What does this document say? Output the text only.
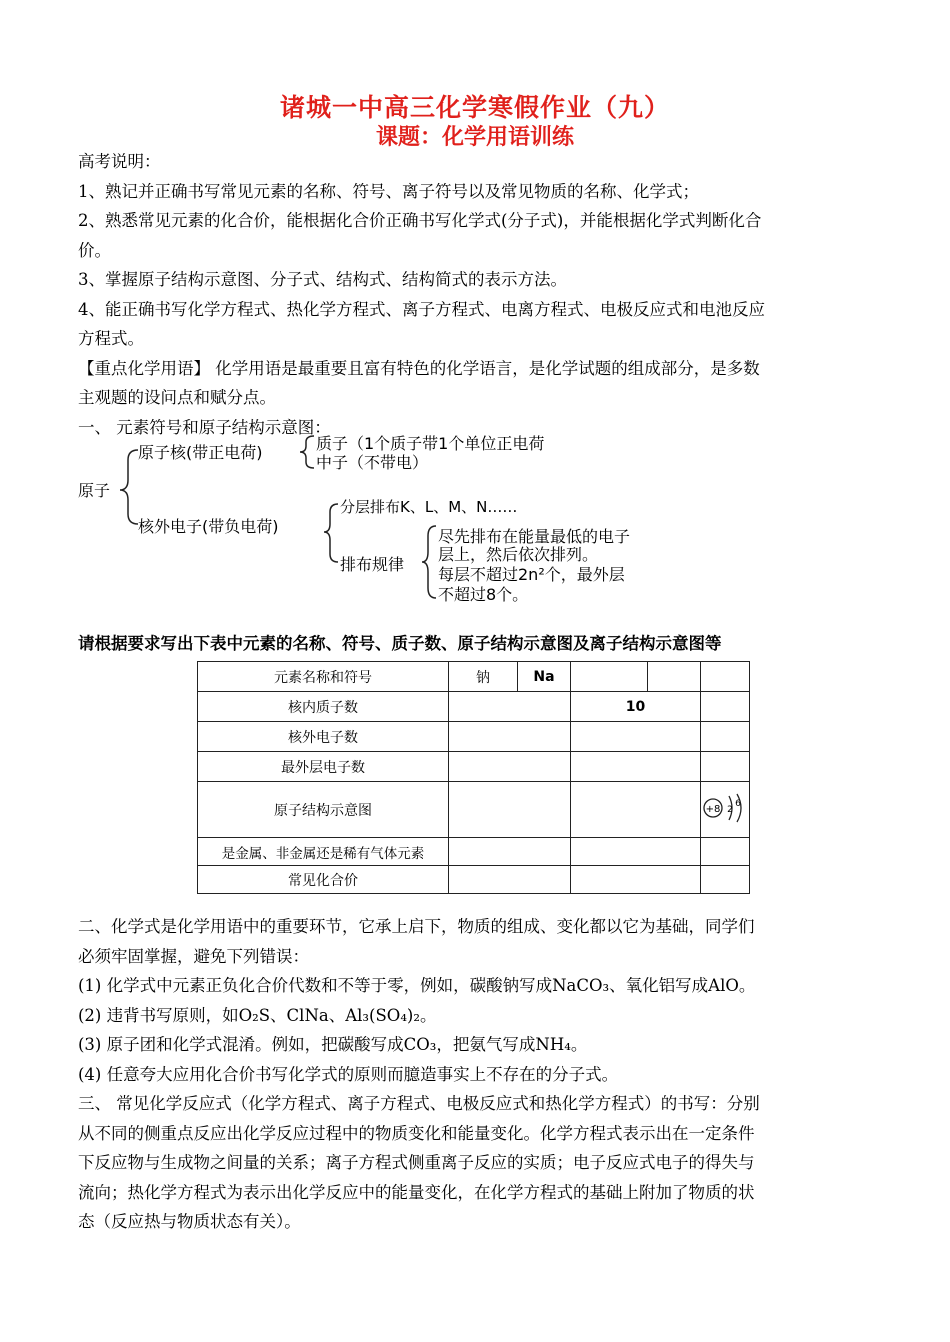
诸城一中高三化学寒假作业（九）
课题：化学用语训练
高考说明：
1、熟记并正确书写常见元素的名称、符号、离子符号以及常见物质的名称、化学式；
2、熟悉常见元素的化合价，能根据化合价正确书写化学式(分子式)，并能根据化学式判断化合
价。
3、掌握原子结构示意图、分子式、结构式、结构简式的表示方法。
4、能正确书写化学方程式、热化学方程式、离子方程式、电离方程式、电极反应式和电池反应
方程式。
【重点化学用语】 化学用语是最重要且富有特色的化学语言，是化学试题的组成部分，是多数
主观题的设问点和赋分点。
一、 元素符号和原子结构示意图：
原子
原子核(带正电荷)	质子（1个质子带1个单位正电荷
中子（不带电）
核外电子(带负电荷)
分层排布K、L、M、N……
排布规律
尽先排布在能量最低的电子
层上，然后依次排列。
每层不超过2n²个，最外层
不超过8个。
请根据要求写出下表中元素的名称、符号、质子数、原子结构示意图及离子结构示意图等
元素名称和符号	钠	Na			
核内质子数			10		
核外电子数					
最外层电子数					
原子结构示意图					+8 2
6

是金属、非金属还是稀有气体元素					
常见化合价					
二、化学式是化学用语中的重要环节，它承上启下，物质的组成、变化都以它为基础，同学们
必须牢固掌握，避免下列错误：
(1) 化学式中元素正负化合价代数和不等于零，例如，碳酸钠写成NaCO₃、氧化铝写成AlO。
(2) 违背书写原则，如O₂S、ClNa、Al₃(SO₄)₂。
(3) 原子团和化学式混淆。例如，把碳酸写成CO₃，把氨气写成NH₄。
(4) 任意夸大应用化合价书写化学式的原则而臆造事实上不存在的分子式。
三、 常见化学反应式（化学方程式、离子方程式、电极反应式和热化学方程式）的书写：分别
从不同的侧重点反应出化学反应过程中的物质变化和能量变化。化学方程式表示出在一定条件
下反应物与生成物之间量的关系；离子方程式侧重离子反应的实质；电子反应式电子的得失与
流向；热化学方程式为表示出化学反应中的能量变化，在化学方程式的基础上附加了物质的状
态（反应热与物质状态有关）。
